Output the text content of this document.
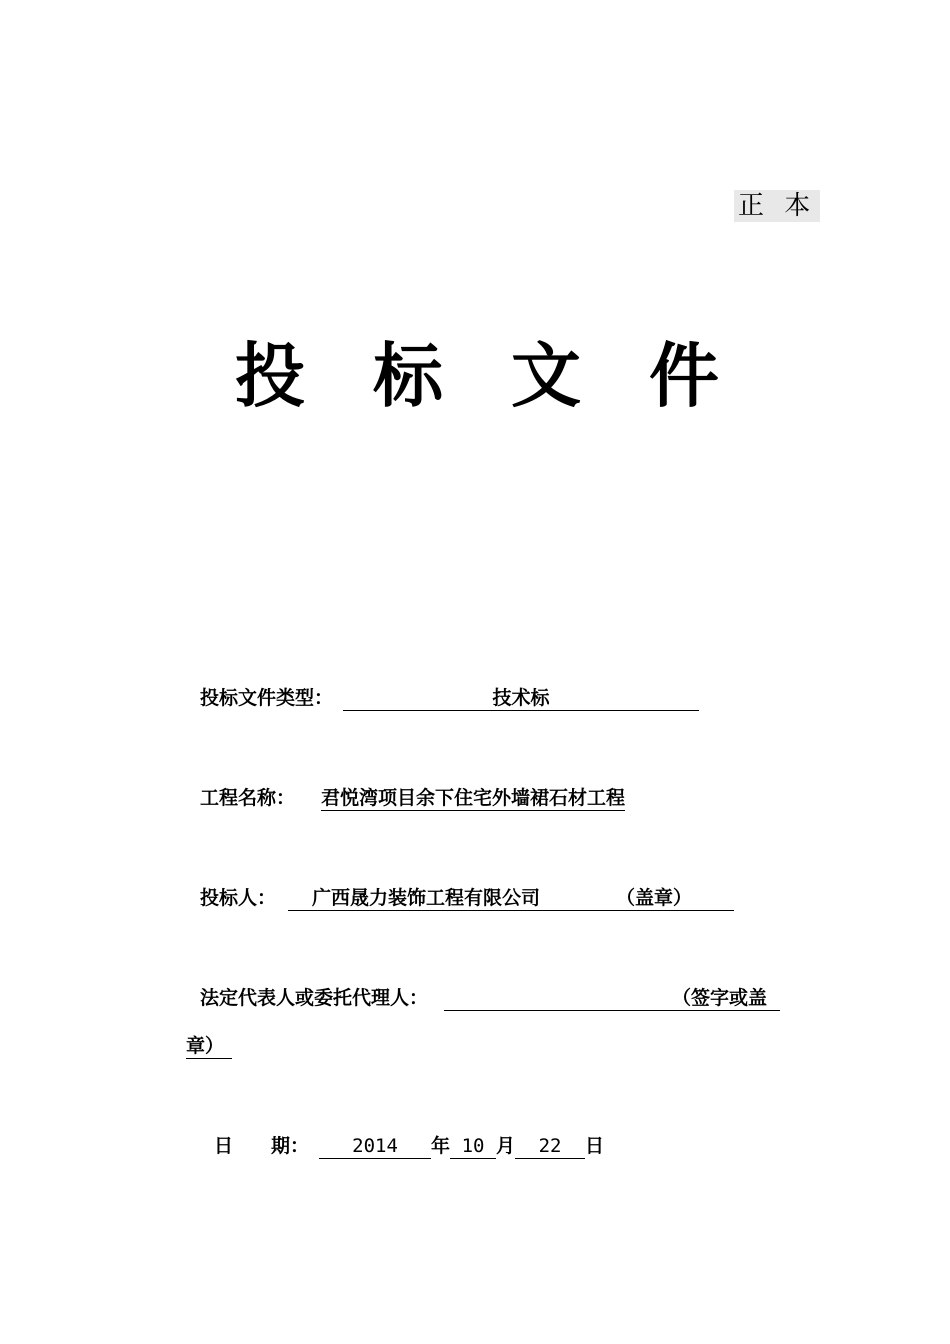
正 本
投标文件
投标文件类型：	技术标
工程名称： 君悦湾项目余下住宅外墙裙石材工程
投标人： 广西晟力装饰工程有限公司	（盖章）
法定代表人或委托代理人：	（签字或盖
章）
日　　期： 2014 年 10 月 22 日
